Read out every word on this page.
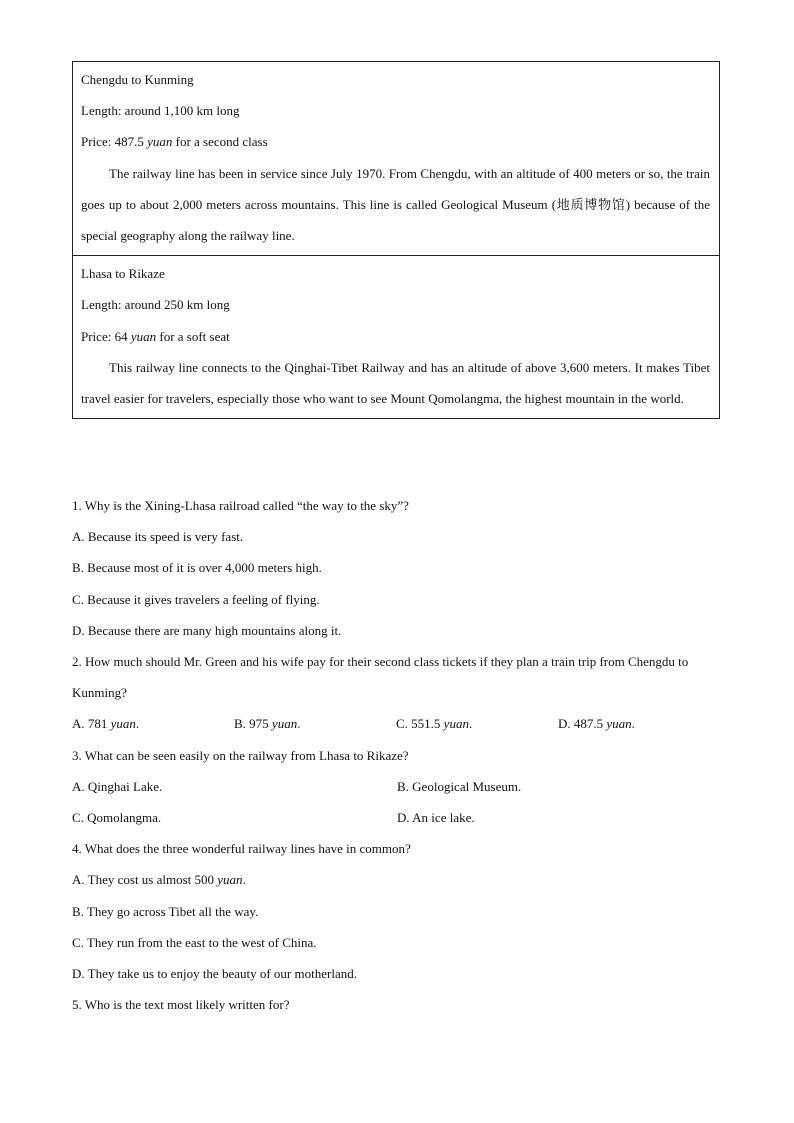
Chengdu to Kunming
Length: around 1,100 km long
Price: 487.5 yuan for a second class

The railway line has been in service since July 1970. From Chengdu, with an altitude of 400 meters or so, the train goes up to about 2,000 meters across mountains. This line is called Geological Museum (地质博物馆) because of the special geography along the railway line.

Lhasa to Rikaze
Length: around 250 km long
Price: 64 yuan for a soft seat

This railway line connects to the Qinghai-Tibet Railway and has an altitude of above 3,600 meters. It makes Tibet travel easier for travelers, especially those who want to see Mount Qomolangma, the highest mountain in the world.

1. Why is the Xining-Lhasa railroad called “the way to the sky”?
A. Because its speed is very fast.
B. Because most of it is over 4,000 meters high.
C. Because it gives travelers a feeling of flying.
D. Because there are many high mountains along it.
2. How much should Mr. Green and his wife pay for their second class tickets if they plan a train trip from Chengdu to Kunming?
A. 781 yuan.	B. 975 yuan.	C. 551.5 yuan.	D. 487.5 yuan.
3. What can be seen easily on the railway from Lhasa to Rikaze?
A. Qinghai Lake.	B. Geological Museum.
C. Qomolangma.	D. An ice lake.
4. What does the three wonderful railway lines have in common?
A. They cost us almost 500 yuan.
B. They go across Tibet all the way.
C. They run from the east to the west of China.
D. They take us to enjoy the beauty of our motherland.
5. Who is the text most likely written for?
